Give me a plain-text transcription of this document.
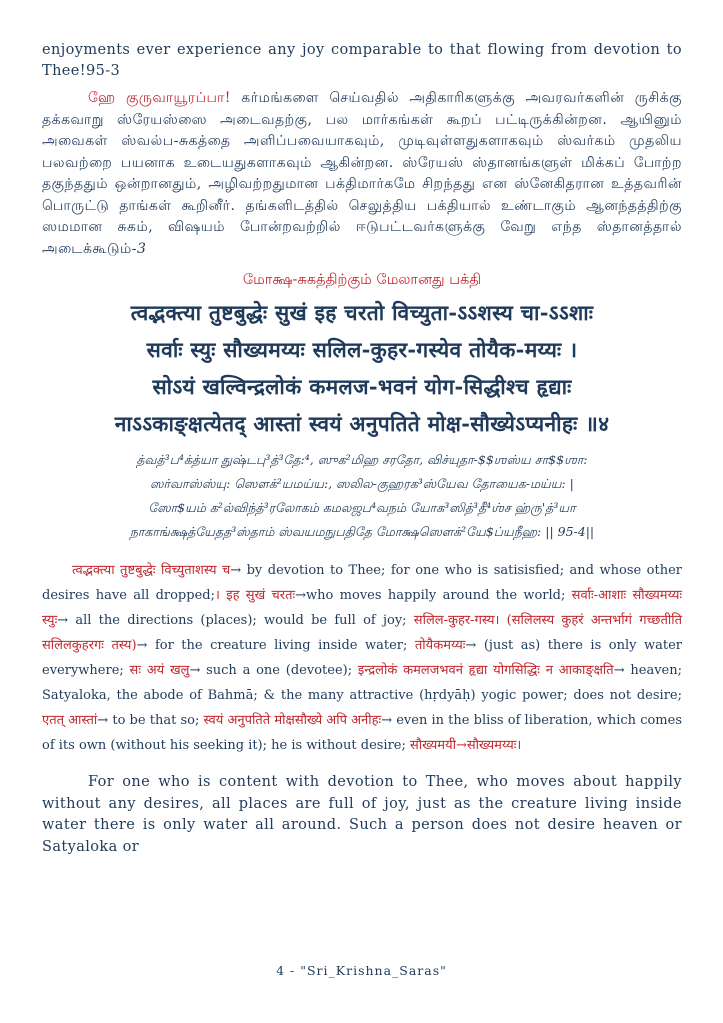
enjoyments ever experience any joy comparable to that flowing from devotion to Thee!95-3
ஹே குருவாயூரப்பா! கர்மங்களை செய்வதில் அதிகாரிகளுக்கு அவரவர்களின் ருசிக்கு தக்கவாறு ஸ்ரேயஸ்ஸை அடைவதற்கு, பல மார்கங்கள் கூறப் பட்டிருக்கின்றன. ஆயினும் அவைகள் ஸ்வல்ப-சுகத்தை அளிப்பவையாகவும், முடிவுள்ளதுகளாகவும் ஸ்வர்கம் முதலிய பலவற்றை பயனாக உடையதுகளாகவும் ஆகின்றன. ஸ்ரேயஸ் ஸ்தானங்களுள் மிக்கப் போற்ற தகுந்ததும் ஒன்றானதும், அழிவற்றதுமான பக்திமார்கமே சிறந்தது என ஸ்னேகிதரான உத்தவரின் பொருட்டு தாங்கள் கூறினீர். தங்களிடத்தில் செலுத்திய பக்தியால் உண்டாகும் ஆனந்தத்திற்கு ஸமமான சுகம், விஷயம் போன்றவற்றில் ஈடுபட்டவர்களுக்கு வேறு எந்த ஸ்தானத்தால் அடைக்கூடும்-3
மோக்ஷ-சுகத்திற்கும் மேலானது பக்தி
त्वद्भक्त्या तुष्टबुद्धेः सुखं इह चरतो विच्युता-ऽऽशस्य चा-ऽऽशाः
सर्वाः स्युः सौख्यमय्यः सलिल-कुहर-गस्येव तोयैक-मय्यः ।
सोऽयं खल्विन्द्रलोकं कमलज-भवनं योग-सिद्धीश्च हृद्याः
नाऽऽकाङ्क्षत्येतद् आस्तां स्वयं अनुपतिते मोक्ष-सौख्येऽप्यनीहः ॥४
த்வத்³ப⁴க்த்யா துஷ்டபு³த்³தே:⁴, ஸுக²மிஹ சரதோ, விச்யுதா-$$ஶஸ்ய சா$$ஶா:
ஸர்வாஸ்ஸ்யு: ஸௌக்²யமய்ய:, ஸலில-குஹரக³ஸ்யேவ தோயைக-மய்ய: |
ஸோ$யம் க²ல்விந்த்³ரலோகம் கமலஜப⁴வநம் யோக³ஸித்³தீ⁴ஶ்ச ஹ்ரு'த்³யா
நாகாங்க்ஷத்யேதத³ஸ்தாம் ஸ்வயமநுபதிதே மோக்ஷஸௌக்²யே$ப்யநீஹ: || 95-4||

त्वद्भक्त्या तुष्टबुद्धेः विच्युताशस्य च→ by devotion to Thee; for one who is satisisfied; and whose other desires have all dropped;। इह सुखं चरतः→who moves happily around the world; सर्वाः-आशाः सौख्यमय्यः स्युः→ all the directions (places); would be full of joy; सलिल-कुहर-गस्य। (सलिलस्य कुहरं अन्तर्भागं गच्छतीति सलिलकुहरगः तस्य)→ for the creature living inside water; तोयैकमय्यः→ (just as) there is only water everywhere; सः अयं खलु→ such a one (devotee); इन्द्रलोकं कमलजभवनं हृद्या योगसिद्धिः न आकाङ्क्षति→ heaven; Satyaloka, the abode of Bahmā; & the many attractive (hṛdyāḥ) yogic power; does not desire; एतत् आस्तां→ to be that so; स्वयं अनुपतिते मोक्षसौख्ये अपि अनीहः→ even in the bliss of liberation, which comes of its own (without his seeking it); he is without desire; सौख्यमयी→सौख्यमय्यः।

For one who is content with devotion to Thee, who moves about happily without any desires, all places are full of joy, just as the creature living inside water there is only water all around. Such a person does not desire heaven or Satyaloka or
4 - "Sri_Krishna_Saras"
